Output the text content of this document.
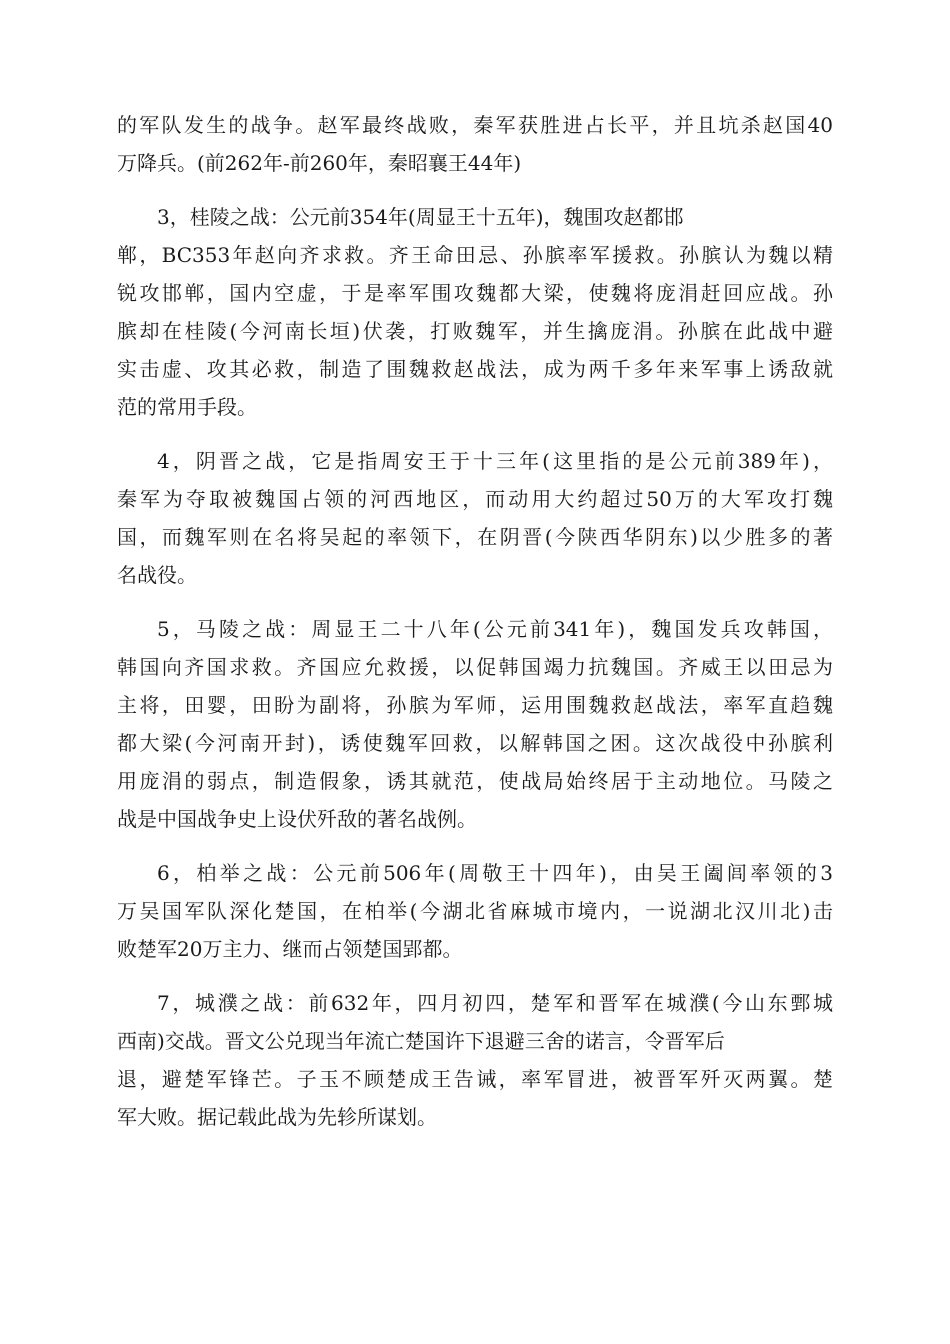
的军队发生的战争。赵军最终战败，秦军获胜进占长平，并且坑杀赵国40
万降兵。(前262年-前260年，秦昭襄王44年)
3，桂陵之战：公元前354年(周显王十五年)，魏围攻赵都邯
郸，BC353年赵向齐求救。齐王命田忌、孙膑率军援救。孙膑认为魏以精
锐攻邯郸，国内空虚，于是率军围攻魏都大梁，使魏将庞涓赶回应战。孙
膑却在桂陵(今河南长垣)伏袭，打败魏军，并生擒庞涓。孙膑在此战中避
实击虚、攻其必救，制造了围魏救赵战法，成为两千多年来军事上诱敌就
范的常用手段。
4，阴晋之战，它是指周安王于十三年(这里指的是公元前389年)，
秦军为夺取被魏国占领的河西地区，而动用大约超过50万的大军攻打魏
国，而魏军则在名将吴起的率领下，在阴晋(今陕西华阴东)以少胜多的著
名战役。
5，马陵之战：周显王二十八年(公元前341年)，魏国发兵攻韩国，
韩国向齐国求救。齐国应允救援，以促韩国竭力抗魏国。齐威王以田忌为
主将，田婴，田盼为副将，孙膑为军师，运用围魏救赵战法，率军直趋魏
都大梁(今河南开封)，诱使魏军回救，以解韩国之困。这次战役中孙膑利
用庞涓的弱点，制造假象，诱其就范，使战局始终居于主动地位。马陵之
战是中国战争史上设伏歼敌的著名战例。
6，柏举之战：公元前506年(周敬王十四年)，由吴王阖闾率领的3
万吴国军队深化楚国，在柏举(今湖北省麻城市境内，一说湖北汉川北)击
败楚军20万主力、继而占领楚国郢都。
7，城濮之战：前632年，四月初四，楚军和晋军在城濮(今山东鄄城
西南)交战。晋文公兑现当年流亡楚国许下退避三舍的诺言，令晋军后
退，避楚军锋芒。子玉不顾楚成王告诫，率军冒进，被晋军歼灭两翼。楚
军大败。据记载此战为先轸所谋划。
